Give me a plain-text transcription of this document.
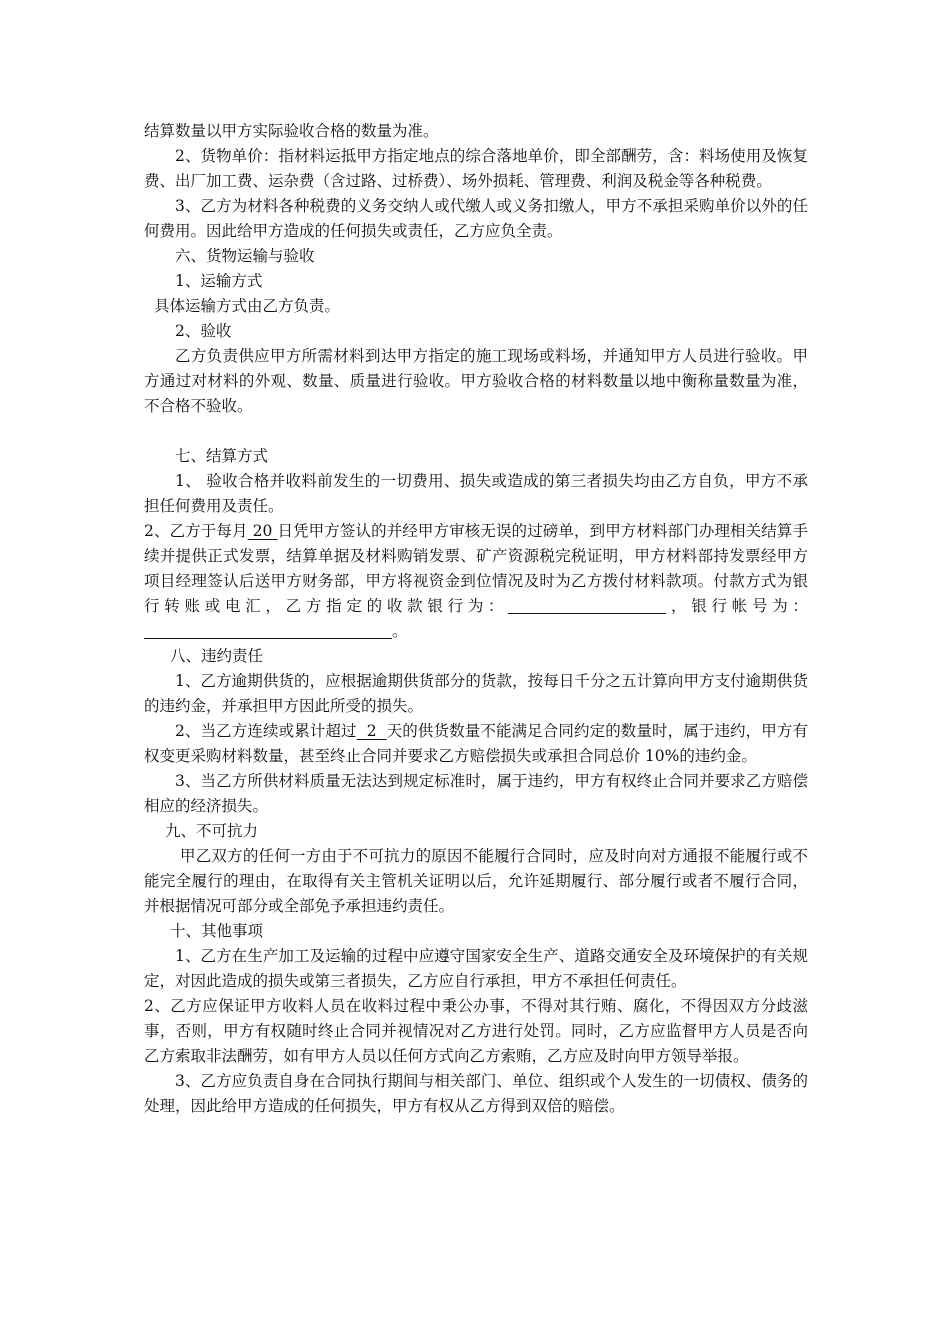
结算数量以甲方实际验收合格的数量为准。

2、货物单价：指材料运抵甲方指定地点的综合落地单价，即全部酬劳，含：料场使用及恢复费、出厂加工费、运杂费（含过路、过桥费）、场外损耗、管理费、利润及税金等各种税费。

3、乙方为材料各种税费的义务交纳人或代缴人或义务扣缴人，甲方不承担采购单价以外的任何费用。因此给甲方造成的任何损失或责任，乙方应负全责。

六、货物运输与验收

1、运输方式

具体运输方式由乙方负责。

2、验收

乙方负责供应甲方所需材料到达甲方指定的施工现场或料场，并通知甲方人员进行验收。甲方通过对材料的外观、数量、质量进行验收。甲方验收合格的材料数量以地中衡称量数量为准，不合格不验收。

七、结算方式

1、 验收合格并收料前发生的一切费用、损失或造成的第三者损失均由乙方自负，甲方不承担任何费用及责任。

2、乙方于每月 20 日凭甲方签认的并经甲方审核无误的过磅单，到甲方材料部门办理相关结算手续并提供正式发票，结算单据及材料购销发票、矿产资源税完税证明，甲方材料部持发票经甲方项目经理签认后送甲方财务部，甲方将视资金到位情况及时为乙方拨付材料款项。付款方式为银行转账或电汇，乙方指定的收款银行为：	，银行帐号为：。

八、违约责任

1、乙方逾期供货的，应根据逾期供货部分的货款，按每日千分之五计算向甲方支付逾期供货的违约金，并承担甲方因此所受的损失。

2、当乙方连续或累计超过 2 天的供货数量不能满足合同约定的数量时，属于违约，甲方有权变更采购材料数量，甚至终止合同并要求乙方赔偿损失或承担合同总价 10%的违约金。

3、当乙方所供材料质量无法达到规定标准时，属于违约，甲方有权终止合同并要求乙方赔偿相应的经济损失。

九、不可抗力

甲乙双方的任何一方由于不可抗力的原因不能履行合同时，应及时向对方通报不能履行或不能完全履行的理由，在取得有关主管机关证明以后，允许延期履行、部分履行或者不履行合同，并根据情况可部分或全部免予承担违约责任。

十、其他事项

1、乙方在生产加工及运输的过程中应遵守国家安全生产、道路交通安全及环境保护的有关规定，对因此造成的损失或第三者损失，乙方应自行承担，甲方不承担任何责任。

2、乙方应保证甲方收料人员在收料过程中秉公办事，不得对其行贿、腐化，不得因双方分歧滋事，否则，甲方有权随时终止合同并视情况对乙方进行处罚。同时，乙方应监督甲方人员是否向乙方索取非法酬劳，如有甲方人员以任何方式向乙方索贿，乙方应及时向甲方领导举报。

3、乙方应负责自身在合同执行期间与相关部门、单位、组织或个人发生的一切债权、债务的处理，因此给甲方造成的任何损失，甲方有权从乙方得到双倍的赔偿。
